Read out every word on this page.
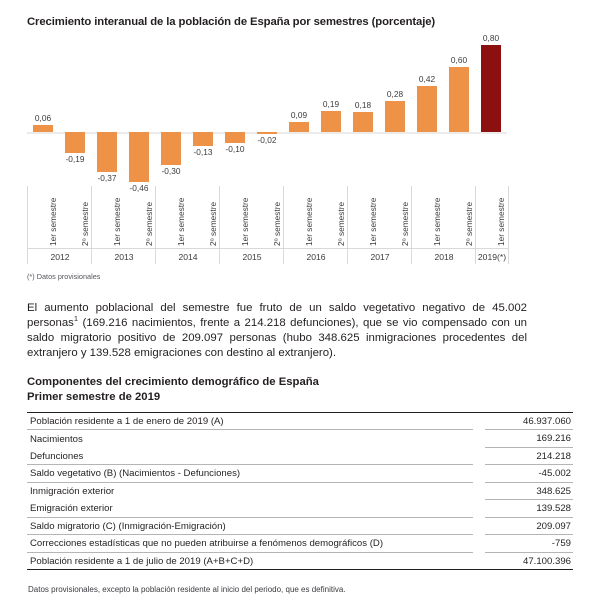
Crecimiento interanual de la población de España por semestres (porcentaje)
0,06
-0,19
-0,37
-0,46
-0,30
-0,13	-0,10
-0,02
0,09
0,19	0,18
0,28
0,42
0,60
0,80
1er semestre	2º semestre
2012
1er semestre	2º semestre
2013
1er semestre	2º semestre
2014
1er semestre	2º semestre
2015
1er semestre	2º semestre
2016
1er semestre	2º semestre
2017
1er semestre	2º semestre
2018
1er semestre
2019(*)
(*) Datos provisionales
El aumento poblacional del semestre fue fruto de un saldo vegetativo negativo de 45.002 personas$^1$ (169.216 nacimientos, frente a 214.218 defunciones), que se vio compensado con un saldo migratorio positivo de 209.097 personas (hubo 348.625 inmigraciones procedentes del extranjero y 139.528 emigraciones con destino al extranjero).
Componentes del crecimiento demográfico de España
Primer semestre de 2019
Población residente a 1 de enero de 2019 (A)		46.937.060
Nacimientos		169.216
Defunciones		214.218
Saldo vegetativo (B) (Nacimientos - Defunciones)		-45.002
Inmigración exterior		348.625
Emigración exterior		139.528
Saldo migratorio (C) (Inmigración-Emigración)		209.097
Correcciones estadísticas que no pueden atribuirse a fenómenos demográficos (D)		-759
Población residente a 1 de julio de 2019 (A+B+C+D)		47.100.396
Datos provisionales, excepto la población residente al inicio del periodo, que es definitiva.
